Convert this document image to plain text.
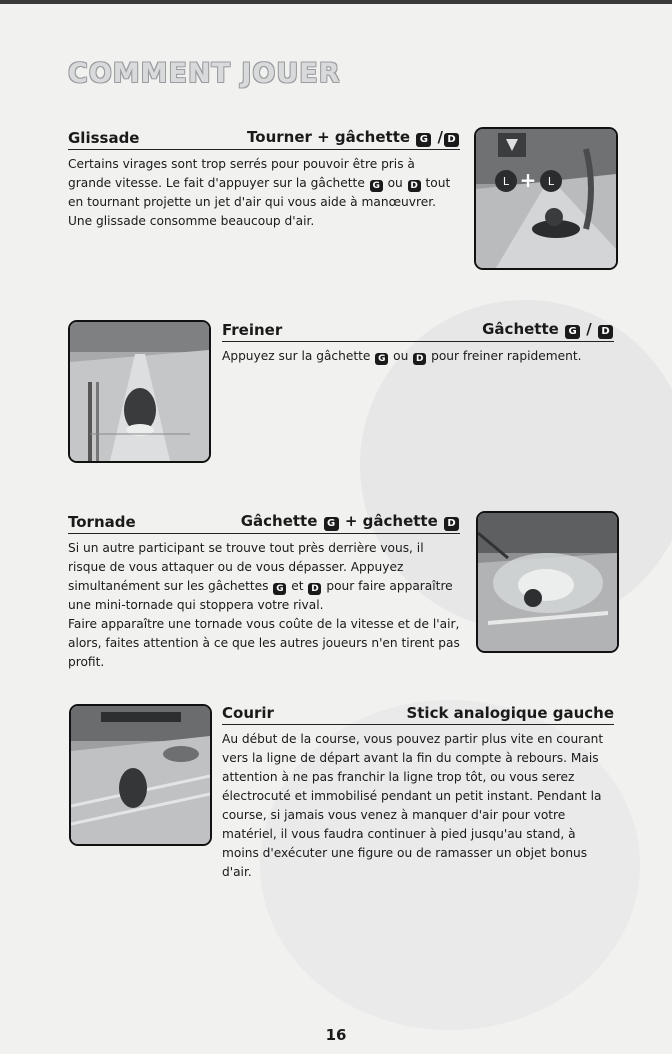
COMMENT JOUER
Glissade	Tourner + gâchette G / D

Certains virages sont trop serrés pour pouvoir être pris à grande vitesse. Le fait d'appuyer sur la gâchette G ou D tout en tournant projette un jet d'air qui vous aide à manœuvrer. Une glissade consomme beaucoup d'air.

L + L
Freiner	Gâchette G / D

Appuyez sur la gâchette G ou D pour freiner rapidement.

Tornade	Gâchette G + gâchette D

Si un autre participant se trouve tout près derrière vous, il risque de vous attaquer ou de vous dépasser. Appuyez simultanément sur les gâchettes G et D pour faire apparaître une mini-tornade qui stoppera votre rival.

Faire apparaître une tornade vous coûte de la vitesse et de l'air, alors, faites attention à ce que les autres joueurs n'en tirent pas profit.

Courir	Stick analogique gauche

Au début de la course, vous pouvez partir plus vite en courant vers la ligne de départ avant la fin du compte à rebours. Mais attention à ne pas franchir la ligne trop tôt, ou vous serez électrocuté et immobilisé pendant un petit instant. Pendant la course, si jamais vous venez à manquer d'air pour votre matériel, il vous faudra continuer à pied jusqu'au stand, à moins d'exécuter une figure ou de ramasser un objet bonus d'air.

16
